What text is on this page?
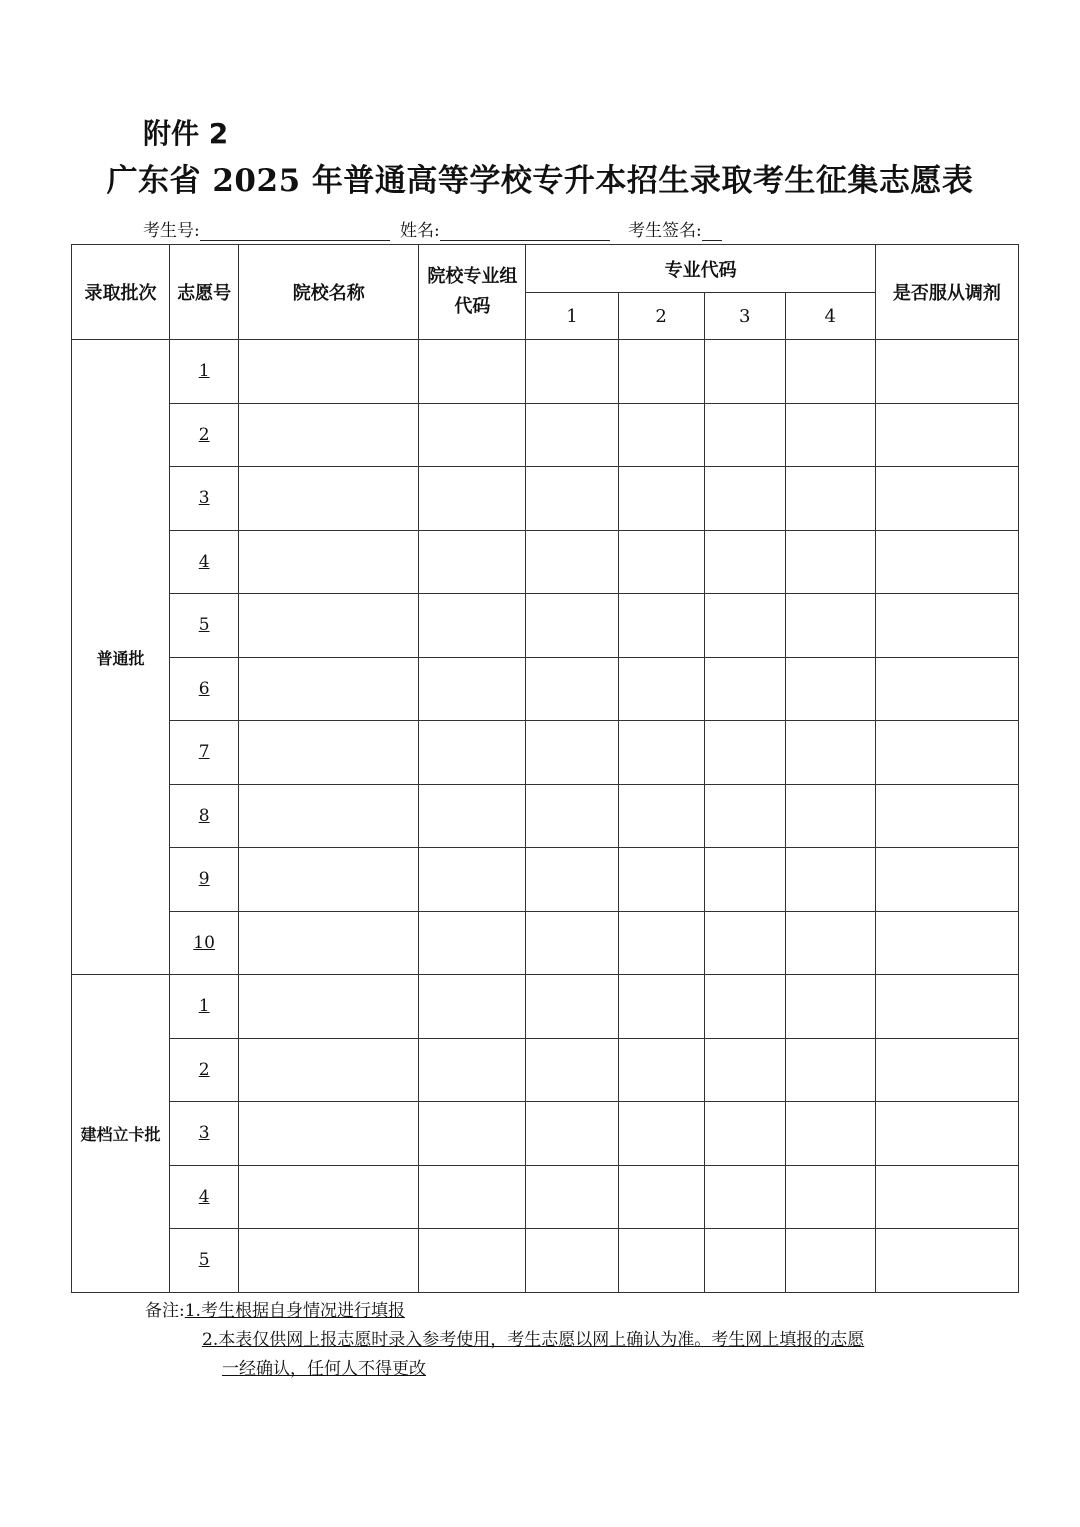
附件 2
广东省 2025 年普通高等学校专升本招生录取考生征集志愿表
考生号:	姓名:	考生签名:
录取批次	志愿号	院校名称	院校专业组
代码	专业代码				是否服从调剂
				1	2	3	4	
普通批	1							
	2							
	3							
	4							
	5							
	6							
	7							
	8							
	9							
	10							
建档立卡批	1							
	2							
	3							
	4							
	5							
备注:1.考生根据自身情况进行填报
2.本表仅供网上报志愿时录入参考使用，考生志愿以网上确认为准。考生网上填报的志愿
一经确认，任何人不得更改
